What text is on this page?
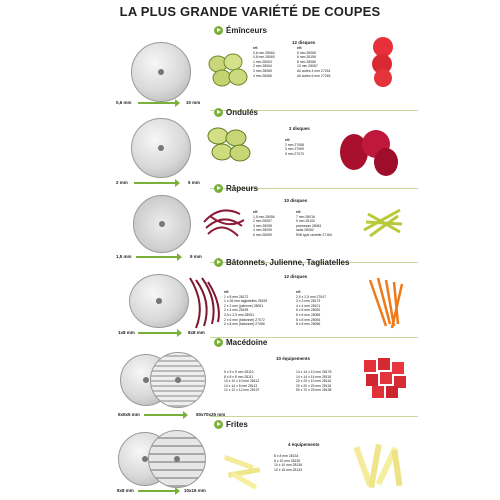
LA PLUS GRANDE VARIÉTÉ DE COUPES
Émînceurs
0,6 mm	10 mm
12 disques
réf.
0,6 mm 28064
0,8 mm 28069
1 mm 28063
2 mm 28064
3 mm 28065
4 mm 28066
réf.
5 mm 28065
6 mm 28196
8 mm 28066
10 mm 28067
Ail cuites 4 mm 27244
Ail cuites 6 mm 27245
Ondulés
2 disques
réf.
2 mm 27068
3 mm 27069
5 mm 27070
2 mm	5 mm
Râpeurs
1,5 mm	9 mm
10 disques
réf.
1,5 mm 28056
2 mm 28057
3 mm 28058
4 mm 28059
6 mm 28059
réf.
7 mm 28016
9 mm 28100
parmesan 28061
radis 28062
Rôti type raclette 27164
Bâtonnets, Julienne, Tagliatelles
12 disques
réf.
1 x 8 mm 28172
1 x 26 mm tagliatelles 28195
2 x 2 mm (julienne) 28051
2 x 4 mm 28195
2,5 x 2,5 mm 28051
2 x 6 mm (bâtonnet) 27072
2 x 8 mm (bâtonnet) 27066
réf.
2,5 x 2,5 mm 27047
3 x 3 mm 28173
4 x 4 mm 28101
6 x 6 mm 28052
6 x 6 mm 28055
8 x 8 mm 28054
8 x 8 mm 28056
1x8 mm	8x8 mm
Macédoine
10 équipements
5 x 5 x 5 mm 28110
8 x 8 x 8 mm 28111
10 x 10 x 10 mm 28112
14 x 14 x 5 mm 28113
12 x 12 x 12 mm 28197
14 x 14 x 10 mm 28178
14 x 14 x 14 mm 28115
20 x 20 x 10 mm 28116
20 x 20 x 20 mm 28118
50 x 70 x 25 mm 28198
5x5x5 mm	50x70x25 mm
Frites
4 équipements
8 x 8 mm 28134
8 x 10 mm 28135
10 x 10 mm 28136
10 x 16 mm 28133
8x8 mm	10x16 mm
